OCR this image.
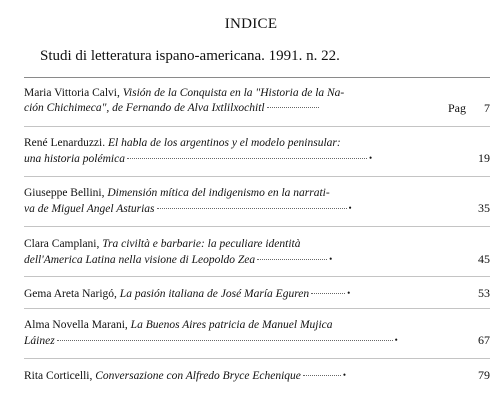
INDICE
Studi di letteratura ispano-americana. 1991. n. 22.
Maria Vittoria Calvi, Visión de la Conquista en la "Historia de la Na-
ción Chichimeca", de Fernando de Alva Ixtlilxochitl	Pag 7
René Lenarduzzi. El habla de los argentinos y el modelo peninsular:
una historia polémica	•	19
Giuseppe Bellini, Dimensión mítica del indigenismo en la narrati-
va de Miguel Angel Asturias	•	35
Clara Camplani, Tra civiltà e barbarie: la peculiare identità
dell'America Latina nella visione di Leopoldo Zea	•	45
Gema Areta Narigó, La pasión italiana de José María Eguren	•	53
Alma Novella Marani, La Buenos Aires patricia de Manuel Mujica
Láinez	•	67
Rita Corticelli, Conversazione con Alfredo Bryce Echenique	•	79
